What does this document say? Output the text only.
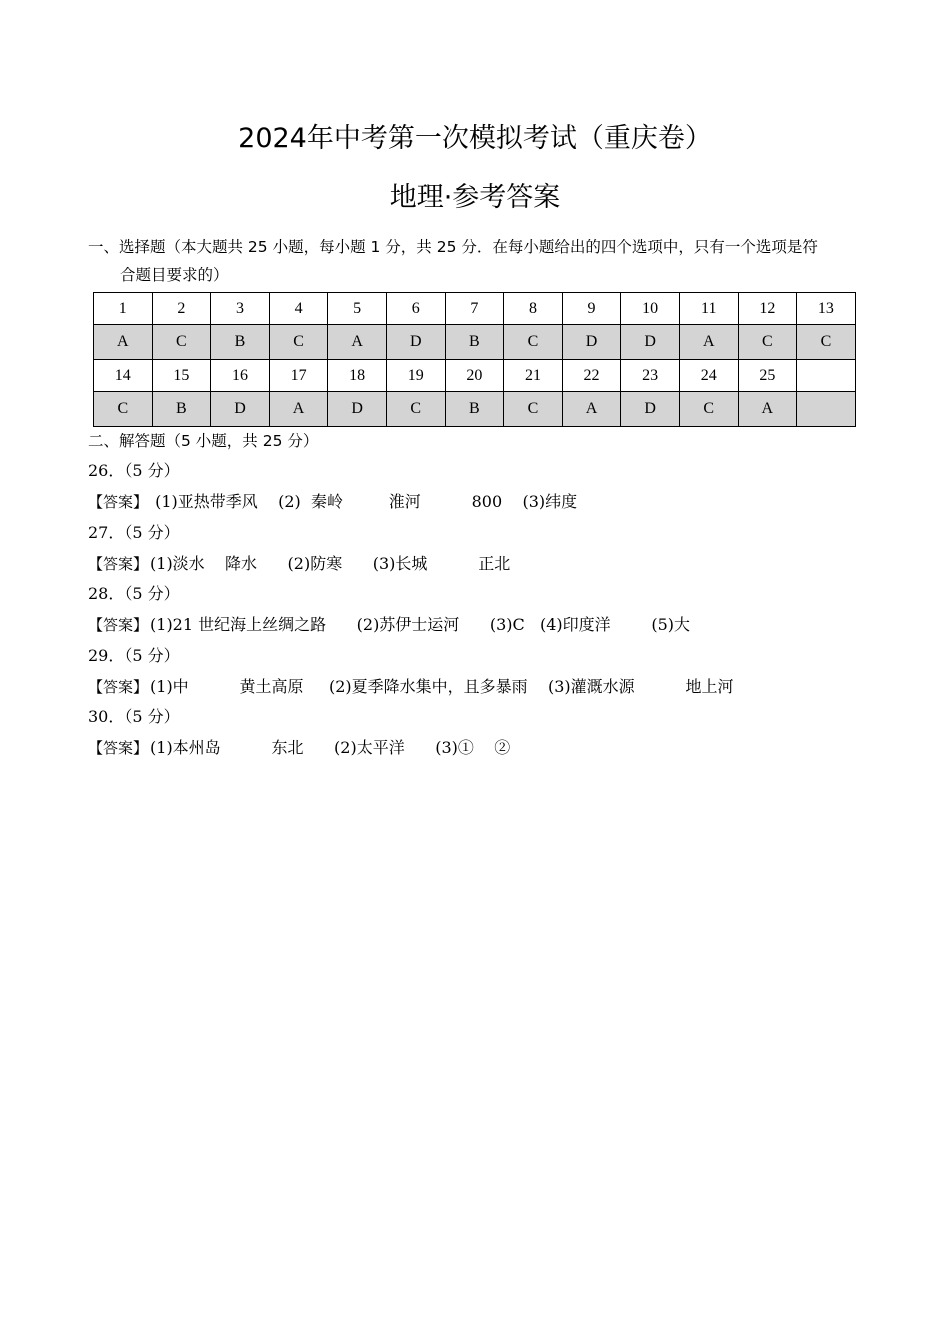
2024年中考第一次模拟考试（重庆卷）
地理·参考答案
一、选择题（本大题共 25 小题，每小题 1 分，共 25 分．在每小题给出的四个选项中，只有一个选项是符
合题目要求的）
1	2	3	4	5	6	7	8	9	10	11	12	13
A	C	B	C	A	D	B	C	D	D	A	C	C
14	15	16	17	18	19	20	21	22	23	24	25	
C	B	D	A	D	C	B	C	A	D	C	A	
二、解答题（5 小题，共 25 分）
26．（5 分）
【答案】 (1)亚热带季风    (2)  秦岭         淮河          800    (3)纬度
27．（5 分）
【答案】 (1)淡水    降水      (2)防寒      (3)长城          正北
28．（5 分）
【答案】 (1)21 世纪海上丝绸之路      (2)苏伊士运河      (3)C   (4)印度洋        (5)大
29．（5 分）
【答案】 (1)中          黄土高原     (2)夏季降水集中，且多暴雨    (3)灌溉水源          地上河
30．（5 分）
【答案】 (1)本州岛          东北      (2)太平洋      (3)①    ②
